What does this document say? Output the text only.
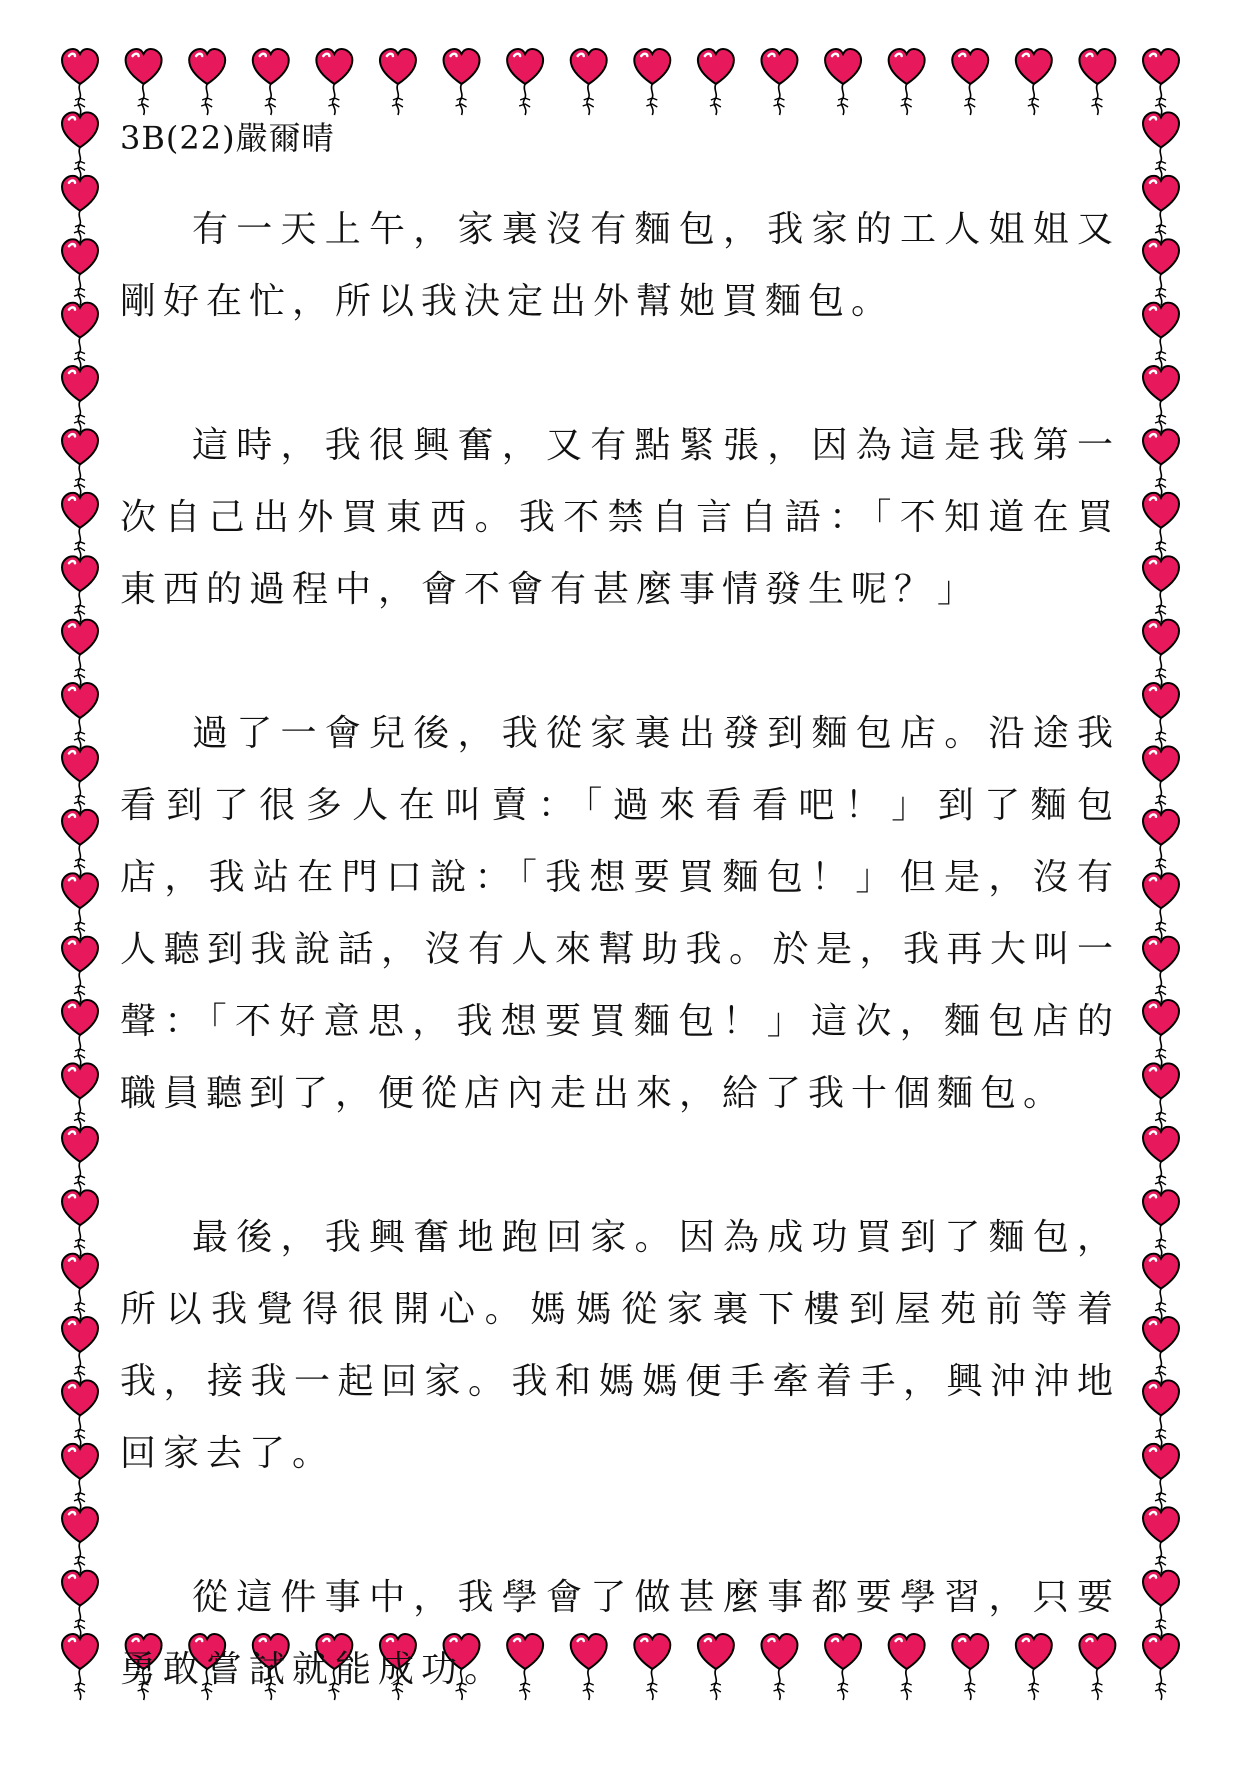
3B(22)嚴爾晴

有一天上午，家裏沒有麵包，我家的工人姐姐又剛好在忙，所以我決定出外幫她買麵包。

這時，我很興奮，又有點緊張，因為這是我第一次自己出外買東西。我不禁自言自語：「不知道在買東西的過程中，會不會有甚麼事情發生呢？」

過了一會兒後，我從家裏出發到麵包店。沿途我看到了很多人在叫賣：「過來看看吧！」到了麵包店，我站在門口說：「我想要買麵包！」但是，沒有人聽到我說話，沒有人來幫助我。於是，我再大叫一聲：「不好意思，我想要買麵包！」這次，麵包店的職員聽到了，便從店內走出來，給了我十個麵包。

最後，我興奮地跑回家。因為成功買到了麵包，所以我覺得很開心。媽媽從家裏下樓到屋苑前等着我，接我一起回家。我和媽媽便手牽着手，興沖沖地回家去了。

從這件事中，我學會了做甚麼事都要學習，只要勇敢嘗試就能成功。
